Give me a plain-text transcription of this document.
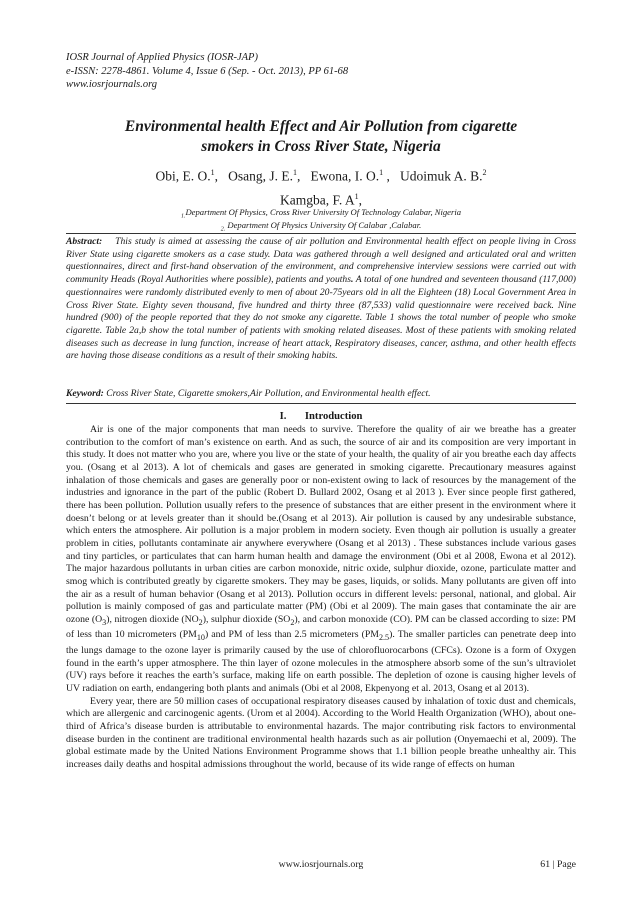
IOSR Journal of Applied Physics (IOSR-JAP)
e-ISSN: 2278-4861. Volume 4, Issue 6 (Sep. - Oct. 2013), PP 61-68
www.iosrjournals.org
Environmental health Effect and Air Pollution from cigarette
smokers in Cross River State, Nigeria
Obi, E. O.$^1$,   Osang, J. E.$^1$,   Ewona, I. O.$^1$ ,   Udoimuk A. B.$^2$
Kamgba, F. $A^1$,
$_{1.}$Department Of Physics, Cross River University Of Technology Calabar, Nigeria
$_{2.}$ Department Of Physics University Of Calabar ,Calabar.
Abstract: This study is aimed at assessing the cause of air pollution and Environmental health effect on people living in Cross River State using cigarette smokers as a case study. Data was gathered through a well designed and articulated oral and written questionnaires, direct and first-hand observation of the environment, and comprehensive interview sessions were carried out with community Heads (Royal Authorities where possible), patients and youths. A total of one hundred and seventeen thousand (117,000) questionnaires were randomly distributed evenly to men of about 20-75years old in all the Eighteen (18) Local Government Area in Cross River State. Eighty seven thousand, five hundred and thirty three (87,533) valid questionnaire were received back. Nine hundred (900) of the people reported that they do not smoke any cigarette. Table 1 shows the total number of people who smoke cigarette. Table 2a,b show the total number of patients with smoking related diseases. Most of these patients with smoking related diseases such as decrease in lung function, increase of heart attack, Respiratory diseases, cancer, asthma, and other health effects are having those disease conditions as a result of their smoking habits.
Keyword: Cross River State, Cigarette smokers,Air Pollution, and Environmental health effect.
I. Introduction

Air is one of the major components that man needs to survive. Therefore the quality of air we breathe has a greater contribution to the comfort of man’s existence on earth. And as such, the source of air and its composition are very important in this study. It does not matter who you are, where you live or the state of your health, the quality of air you breathe each day affects you. (Osang et al 2013). A lot of chemicals and gases are generated in smoking cigarette. Precautionary measures against inhalation of those chemicals and gases are generally poor or non-existent owing to lack of resources by the management of the industries and ignorance in the part of the public (Robert D. Bullard 2002, Osang et al 2013 ). Ever since people first gathered, there has been pollution. Pollution usually refers to the presence of substances that are either present in the environment where it doesn’t belong or at levels greater than it should be.(Osang et al 2013). Air pollution is caused by any undesirable substance, which enters the atmosphere. Air pollution is a major problem in modern society. Even though air pollution is usually a greater problem in cities, pollutants contaminate air anywhere everywhere (Osang et al 2013) . These substances include various gases and tiny particles, or particulates that can harm human health and damage the environment (Obi et al 2008, Ewona et al 2012). The major hazardous pollutants in urban cities are carbon monoxide, nitric oxide, sulphur dioxide, ozone, particulate matter and smog which is contributed greatly by cigarette smokers. They may be gases, liquids, or solids. Many pollutants are given off into the air as a result of human behavior (Osang et al 2013). Pollution occurs in different levels: personal, national, and global. Air pollution is mainly composed of gas and particulate matter (PM) (Obi et al 2009). The main gases that contaminate the air are ozone $(O_3)$, nitrogen dioxide $(NO_2)$, sulphur dioxide $(SO_2)$, and carbon monoxide (CO). PM can be classed according to size: PM of less than 10 micrometers $(PM_{10})$ and PM of less than 2.5 micrometers $(PM_{2.5})$. The smaller particles can penetrate deep into the lungs damage to the ozone layer is primarily caused by the use of chlorofluorocarbons (CFCs). Ozone is a form of Oxygen found in the earth’s upper atmosphere. The thin layer of ozone molecules in the atmosphere absorb some of the sun’s ultraviolet (UV) rays before it reaches the earth’s surface, making life on earth possible. The depletion of ozone is causing higher levels of UV radiation on earth, endangering both plants and animals (Obi et al 2008, Ekpenyong et al. 2013, Osang et al 2013).

Every year, there are 50 million cases of occupational respiratory diseases caused by inhalation of toxic dust and chemicals, which are allergenic and carcinogenic agents. (Urom et al 2004). According to the World Health Organization (WHO), about one-third of Africa’s disease burden is attributable to environmental hazards. The major contributing risk factors to environmental disease burden in the continent are traditional environmental health hazards such as air pollution (Onyemaechi et al, 2009). The global estimate made by the United Nations Environment Programme shows that 1.1 billion people breathe unhealthy air. This increases daily deaths and hospital admissions throughout the world, because of its wide range of effects on human

www.iosrjournals.org	61 | Page
